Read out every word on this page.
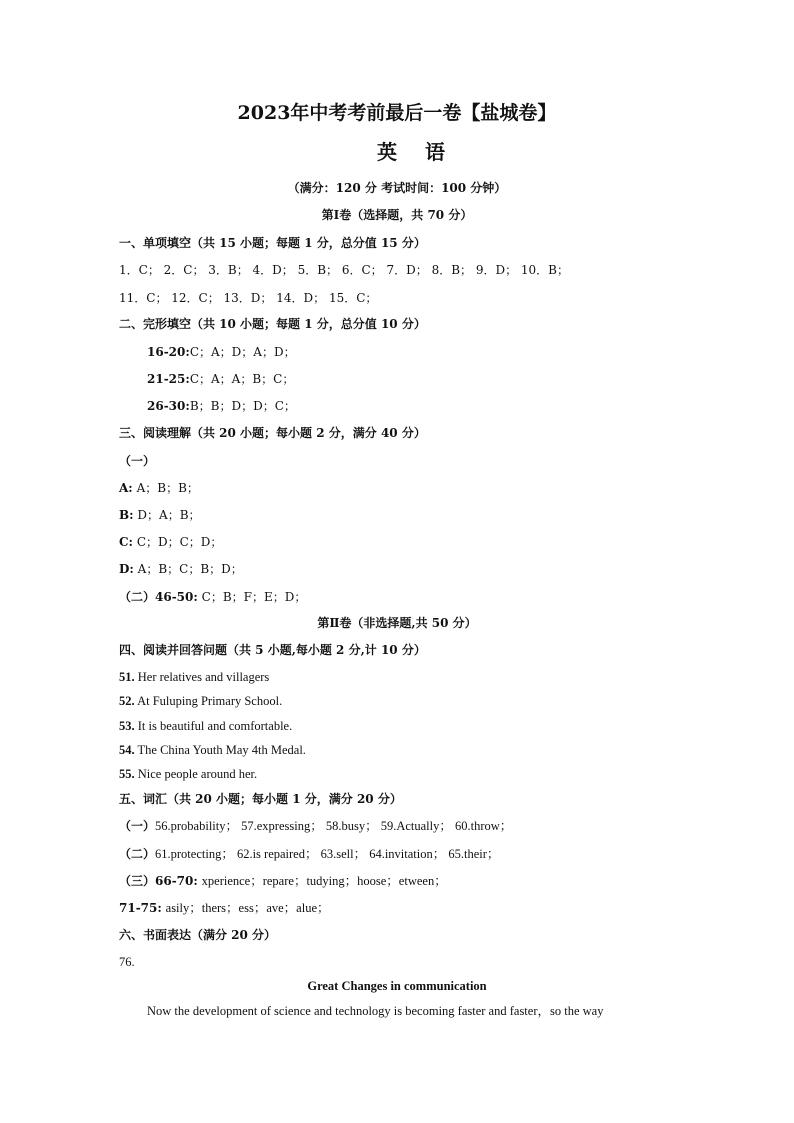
2023年中考考前最后一卷【盐城卷】
英语
（满分：120 分 考试时间：100 分钟）
第Ⅰ卷（选择题，共 70 分）
一、单项填空（共 15 小题；每题 1 分，总分值 15 分）
1．C； 2．C； 3．B； 4．D； 5．B； 6．C； 7．D； 8．B； 9．D； 10．B；
11．C； 12．C； 13．D； 14．D； 15．C；
二、完形填空（共 10 小题；每题 1 分，总分值 10 分）
16-20:C；A；D；A；D；
21-25:C；A；A；B；C；
26-30:B；B；D；D；C；
三、阅读理解（共 20 小题；每小题 2 分，满分 40 分）
（一）
A: A；B；B；
B: D；A；B；
C: C；D；C；D；
D: A；B；C；B；D；
（二）46-50: C；B；F；E；D；
第Ⅱ卷（非选择题,共 50 分）
四、阅读并回答问题（共 5 小题,每小题 2 分,计 10 分）
51. Her relatives and villagers
52. At Fuluping Primary School.
53. It is beautiful and comfortable.
54. The China Youth May 4th Medal.
55. Nice people around her.
五、词汇（共 20 小题；每小题 1 分，满分 20 分）
（一）56.probability； 57.expressing； 58.busy； 59.Actually； 60.throw；
（二）61.protecting； 62.is repaired； 63.sell； 64.invitation； 65.their；
（三）66-70: xperience；repare；tudying；hoose；etween；
71-75: asily；thers；ess；ave；alue；
六、书面表达（满分 20 分）
76.
Great Changes in communication
Now the development of science and technology is becoming faster and faster，so the way
